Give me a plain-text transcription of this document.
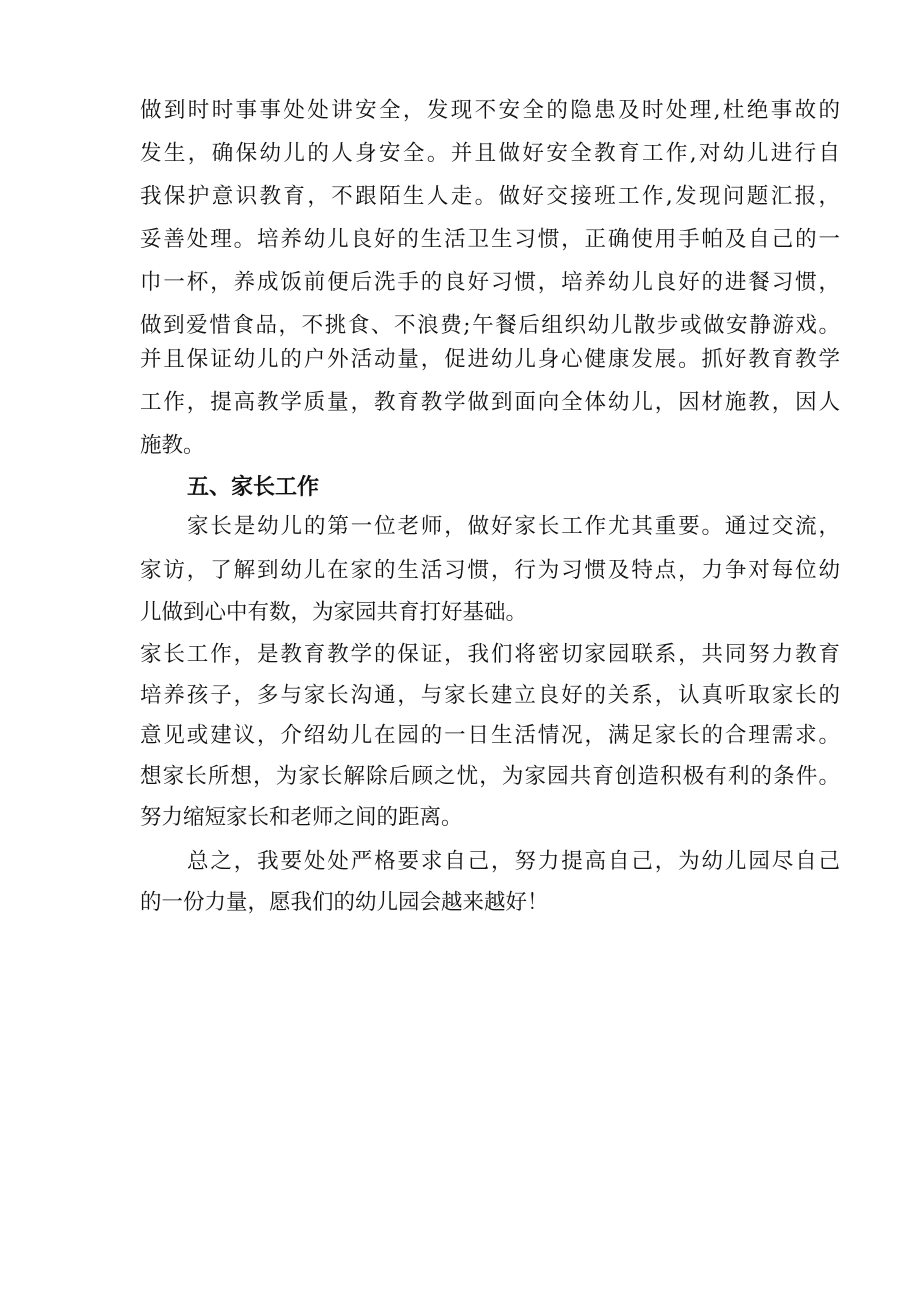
做到时时事事处处讲安全，发现不安全的隐患及时处理,杜绝事故的
发生，确保幼儿的人身安全。并且做好安全教育工作,对幼儿进行自
我保护意识教育，不跟陌生人走。做好交接班工作,发现问题汇报，
妥善处理。培养幼儿良好的生活卫生习惯，正确使用手帕及自己的一
巾一杯，养成饭前便后洗手的良好习惯，培养幼儿良好的进餐习惯，
做到爱惜食品，不挑食、不浪费;午餐后组织幼儿散步或做安静游戏。
并且保证幼儿的户外活动量，促进幼儿身心健康发展。抓好教育教学
工作，提高教学质量，教育教学做到面向全体幼儿，因材施教，因人
施教。
五、家长工作
家长是幼儿的第一位老师，做好家长工作尤其重要。通过交流，
家访，了解到幼儿在家的生活习惯，行为习惯及特点，力争对每位幼
儿做到心中有数，为家园共育打好基础。
家长工作，是教育教学的保证，我们将密切家园联系，共同努力教育
培养孩子，多与家长沟通，与家长建立良好的关系，认真听取家长的
意见或建议，介绍幼儿在园的一日生活情况，满足家长的合理需求。
想家长所想，为家长解除后顾之忧，为家园共育创造积极有利的条件。
努力缩短家长和老师之间的距离。
总之，我要处处严格要求自己，努力提高自己，为幼儿园尽自己
的一份力量，愿我们的幼儿园会越来越好！
